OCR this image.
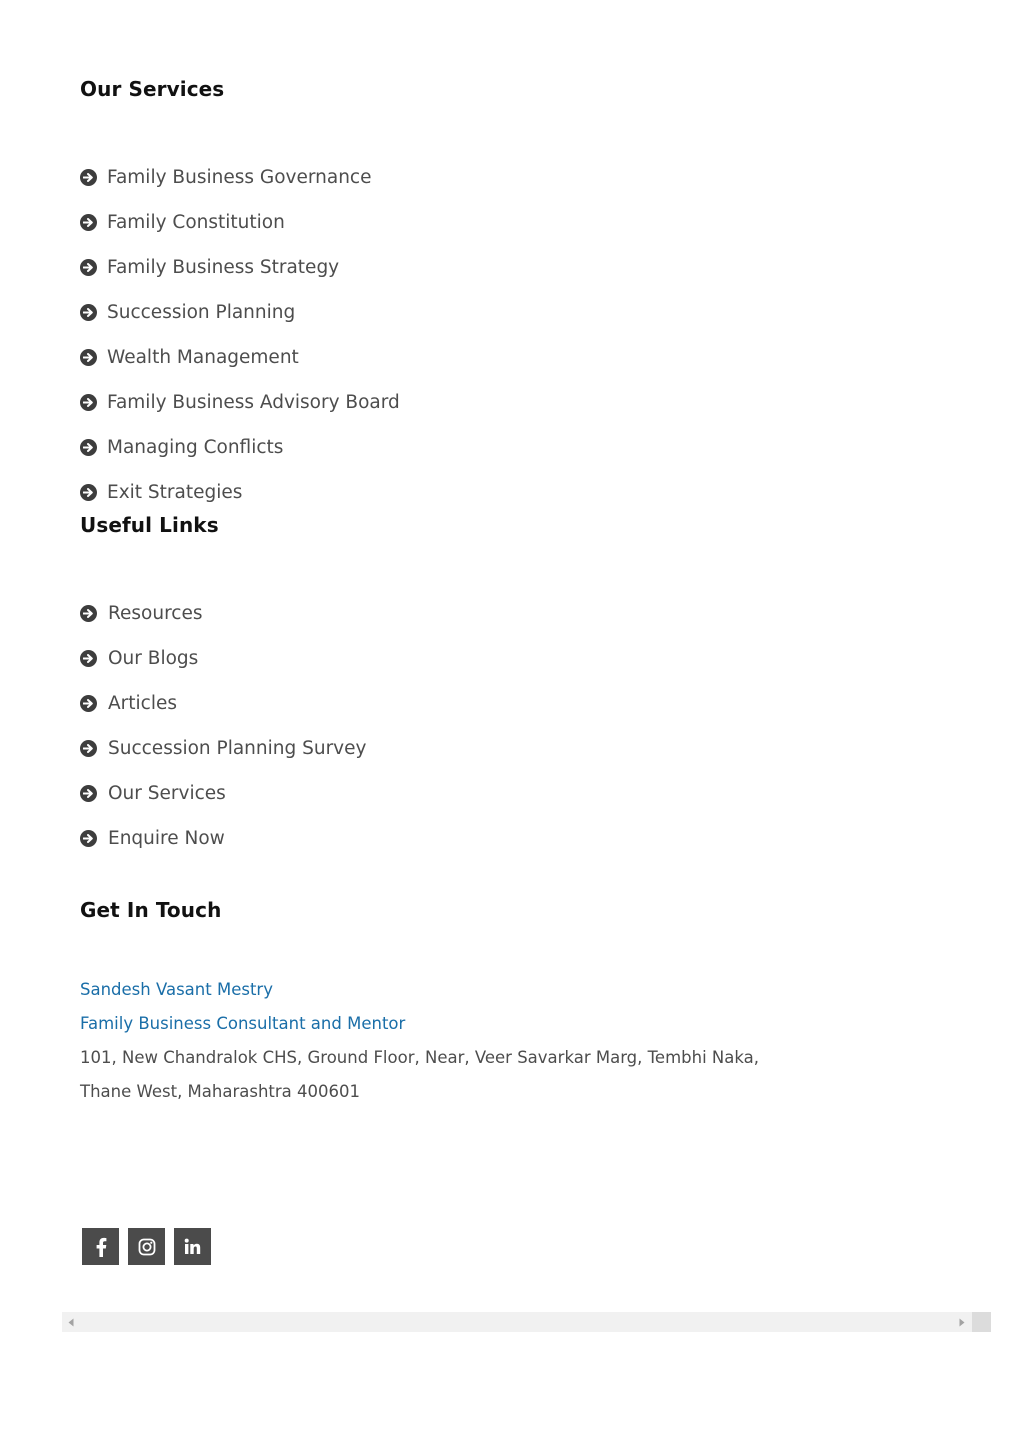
Our Services
Family Business Governance
Family Constitution
Family Business Strategy
Succession Planning
Wealth Management
Family Business Advisory Board
Managing Conflicts
Exit Strategies
Useful Links
Resources
Our Blogs
Articles
Succession Planning Survey
Our Services
Enquire Now
Get In Touch

Sandesh Vasant Mestry

Family Business Consultant and Mentor

101, New Chandralok CHS, Ground Floor, Near, Veer Savarkar Marg, Tembhi Naka,

Thane West, Maharashtra 400601
